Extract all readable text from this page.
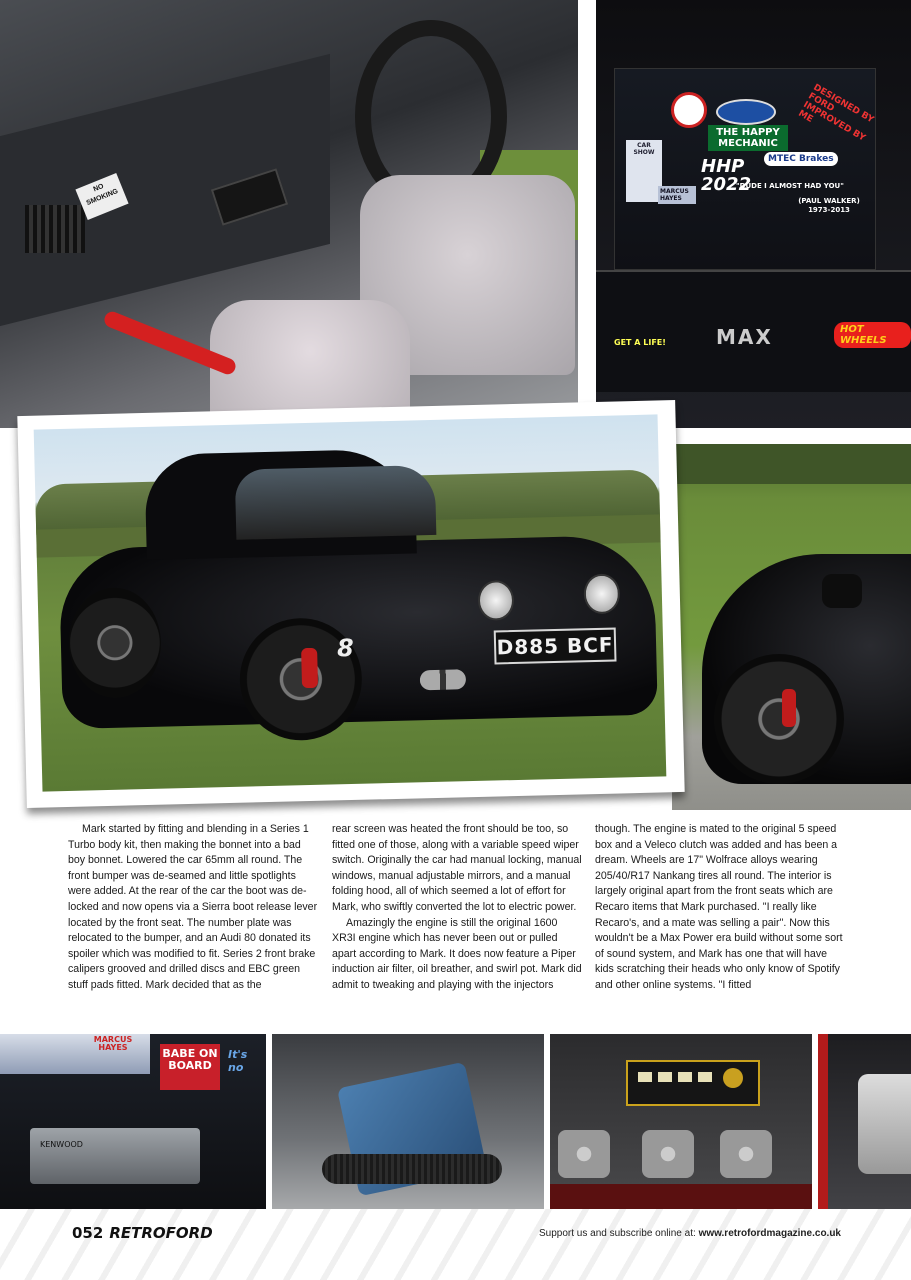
NO SMOKING
DESIGNED BY FORD IMPROVED BY ME
THE HAPPY MECHANIC
CAR SHOW
HHP 2022
MTEC Brakes
MARCUS HAYES
"DUDE I ALMOST HAD YOU"
(PAUL WALKER) 1973-2013
GET A LIFE!	MAX	HOT WHEELS
8	D885 BCF

Mark started by fitting and blending in a Series 1 Turbo body kit, then making the bonnet into a bad boy bonnet. Lowered the car 65mm all round. The front bumper was de-seamed and little spotlights were added. At the rear of the car the boot was de-locked and now opens via a Sierra boot release lever located by the front seat. The number plate was relocated to the bumper, and an Audi 80 donated its spoiler which was modified to fit. Series 2 front brake calipers grooved and drilled discs and EBC green stuff pads fitted. Mark decided that as the

rear screen was heated the front should be too, so fitted one of those, along with a variable speed wiper switch. Originally the car had manual locking, manual windows, manual adjustable mirrors, and a manual folding hood, all of which seemed a lot of effort for Mark, who swiftly converted the lot to electric power.

Amazingly the engine is still the original 1600 XR3I engine which has never been out or pulled apart according to Mark. It does now feature a Piper induction air filter, oil breather, and swirl pot. Mark did admit to tweaking and playing with the injectors

though. The engine is mated to the original 5 speed box and a Veleco clutch was added and has been a dream. Wheels are 17" Wolfrace alloys wearing 205/40/R17 Nankang tires all round. The interior is largely original apart from the front seats which are Recaro items that Mark purchased. "I really like Recaro's, and a mate was selling a pair". Now this wouldn't be a Max Power era build without some sort of sound system, and Mark has one that will have kids scratching their heads who only know of Spotify and other online systems. "I fitted

MARCUS HAYES	BABE ON BOARD
It's no
KENWOOD
052 RETROFORD	Support us and subscribe online at: www.retrofordmagazine.co.uk
